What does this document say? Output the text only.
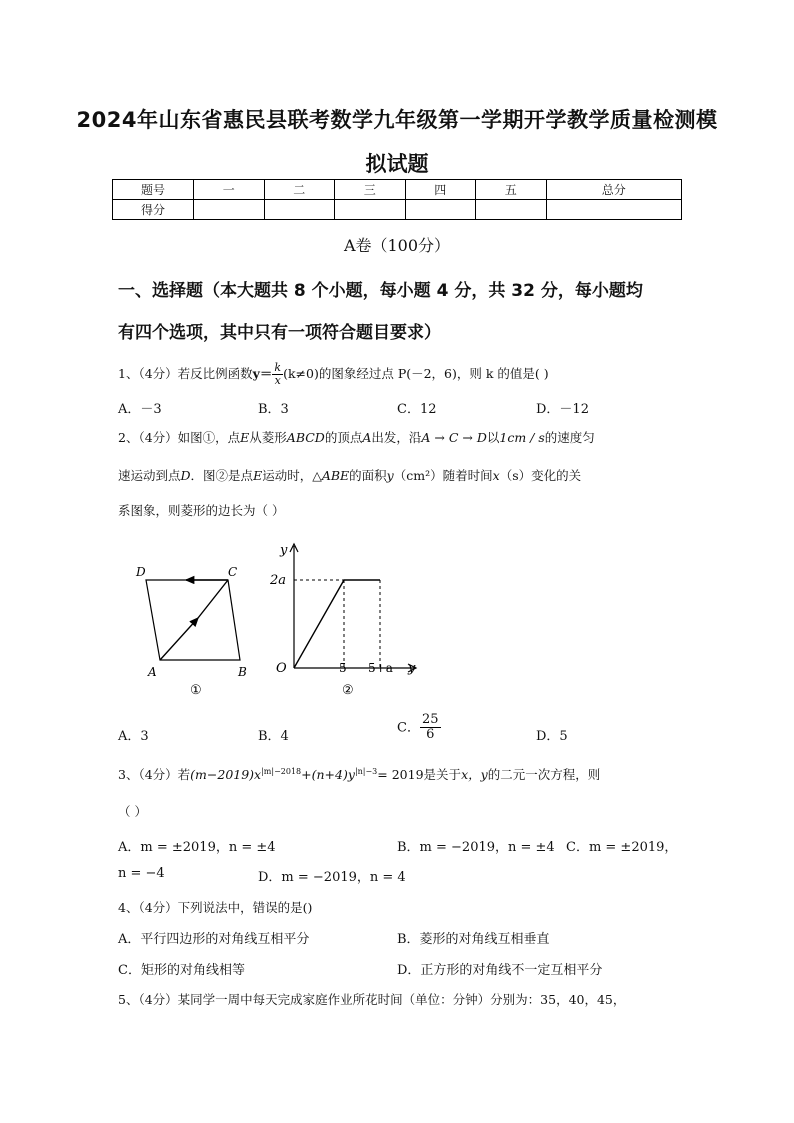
2024年山东省惠民县联考数学九年级第一学期开学教学质量检测模
拟试题
题号	一	二	三	四	五	总分
得分						
A卷（100分）
一、选择题（本大题共 8 个小题，每小题 4 分，共 32 分，每小题均
有四个选项，其中只有一项符合题目要求）
1、（4分）若反比例函数$y= \frac{k}{x} (k\ne 0)$的图象经过点 P(－2，6)，则 k 的值是( )
A．－3	B．3	C．12	D．－12
2、（4分）如图①，点E从菱形ABCD的顶点A出发，沿A → C → D以1cm / s的速度匀
速运动到点D．图②是点E运动时，△ABE的面积y（cm²）随着时间x（s）变化的关
系图象，则菱形的边长为（ ）
D	C
A	B
①
y
2a
O	5 5+a y
②
A．3	B．4
C． $\frac{25}{6}$	D．5
3、（4分）若$(m-2019)x^{|m|-2018}+(n+4)y^{|n|-3}= 2019$是关于x，y的二元一次方程，则
（ ）
A．m = ±2019，n = ±4	B．m = −2019，n = ±4 C．m = ±2019，
n = −4	D．m = −2019，n = 4
4、（4分）下列说法中，错误的是()
A．平行四边形的对角线互相平分	B．菱形的对角线互相垂直
C．矩形的对角线相等	D．正方形的对角线不一定互相平分
5、（4分）某同学一周中每天完成家庭作业所花时间（单位：分钟）分别为：35，40，45，
